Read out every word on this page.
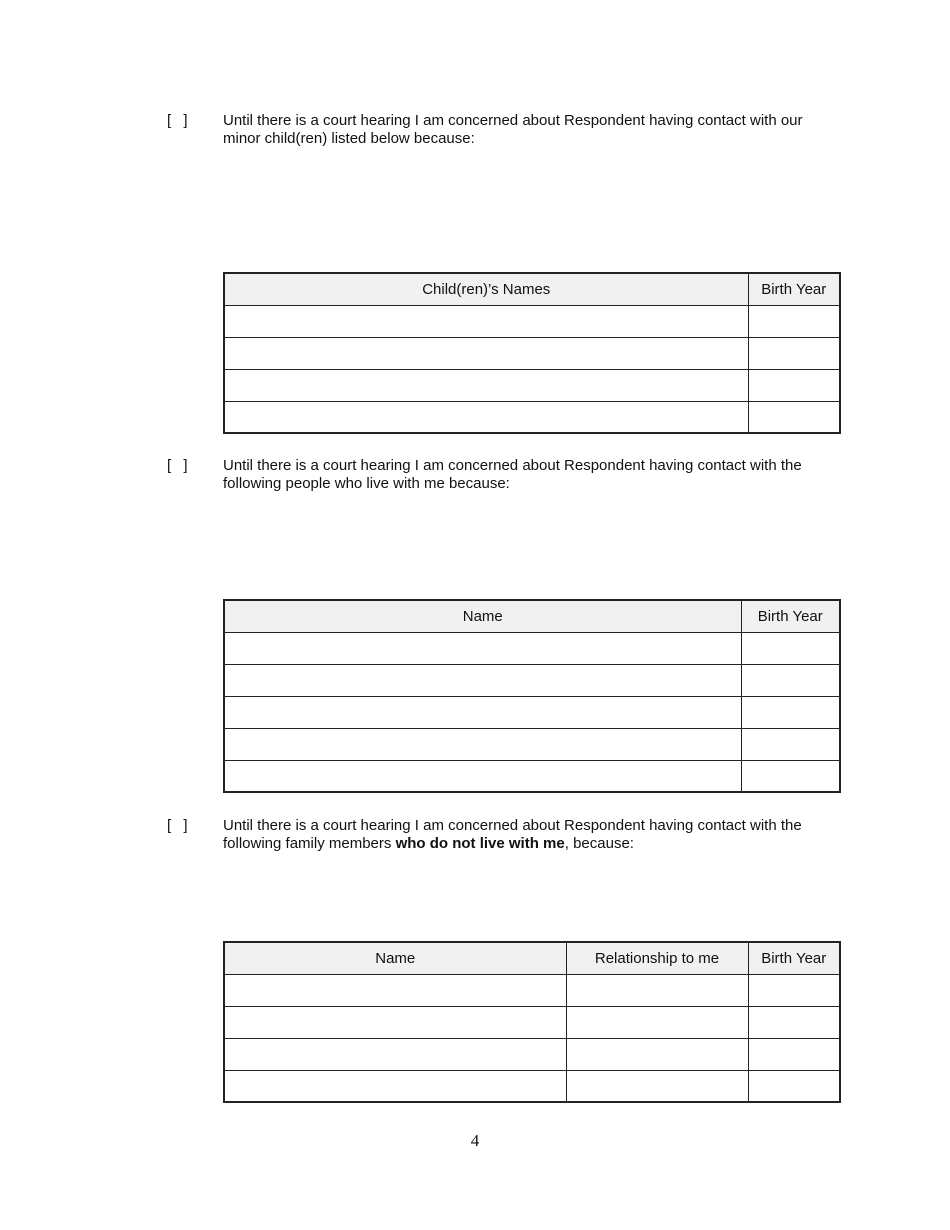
[ ] Until there is a court hearing I am concerned about Respondent having contact with our minor child(ren) listed below because:
Child(ren)’s Names	Birth Year

[ ] Until there is a court hearing I am concerned about Respondent having contact with the following people who live with me because:
Name	Birth Year

[ ] Until there is a court hearing I am concerned about Respondent having contact with the following family members who do not live with me, because:
Name	Relationship to me	Birth Year

4
